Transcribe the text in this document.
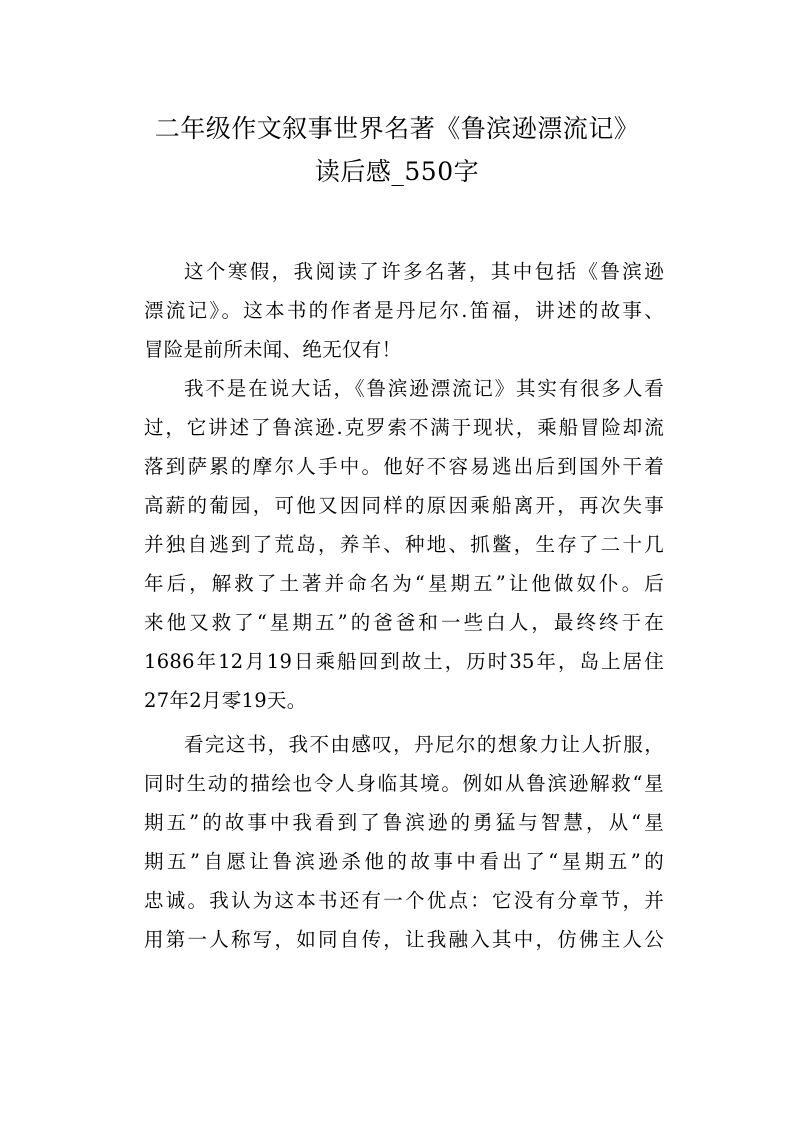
二年级作文叙事世界名著《鲁滨逊漂流记》
读后感_550字
这个寒假，我阅读了许多名著，其中包括《鲁滨逊
漂流记》。这本书的作者是丹尼尔.笛福，讲述的故事、
冒险是前所未闻、绝无仅有！
我不是在说大话，《鲁滨逊漂流记》其实有很多人看
过，它讲述了鲁滨逊.克罗索不满于现状，乘船冒险却流
落到萨累的摩尔人手中。他好不容易逃出后到国外干着
高薪的葡园，可他又因同样的原因乘船离开，再次失事
并独自逃到了荒岛，养羊、种地、抓鳖，生存了二十几
年后，解救了土著并命名为“星期五”让他做奴仆。后
来他又救了“星期五”的爸爸和一些白人，最终终于在
1686年12月19日乘船回到故土，历时35年，岛上居住
27年2月零19天。
看完这书，我不由感叹，丹尼尔的想象力让人折服，
同时生动的描绘也令人身临其境。例如从鲁滨逊解救“星
期五”的故事中我看到了鲁滨逊的勇猛与智慧，从“星
期五”自愿让鲁滨逊杀他的故事中看出了“星期五”的
忠诚。我认为这本书还有一个优点：它没有分章节，并
用第一人称写，如同自传，让我融入其中，仿佛主人公
